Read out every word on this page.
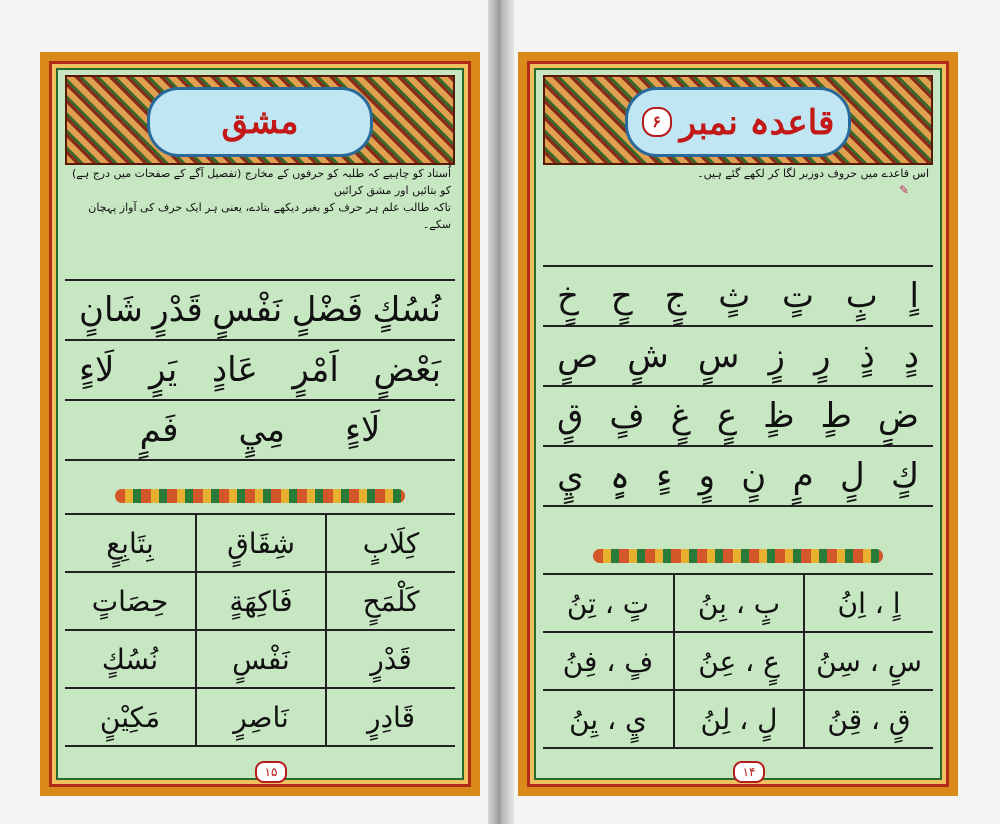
مشق
اُستاد کو چاہیے کہ طلبہ کو حرفوں کے مخارج (تفصیل آگے کے صفحات میں درج ہے) کو بتائیں اور مشق کرائیں
تاکہ طالب علم ہر حرف کو بغیر دیکھے بتادے، یعنی ہر ایک حرف کی آواز پہچان سکے۔
نُسُكٍ
فَضْلٍ
نَفْسٍ
قَدْرٍ
شَانٍ
بَعْضٍ
اَمْرٍ
عَادٍ
يَرٍ
لَاءٍ
لَاءٍ
مِيٍ
فَمٍ
كِلَابٍ
شِقَاقٍ
بِتَابِعٍ
كَلْمَحٍ
فَاكِهَةٍ
حِصَاتٍ
قَدْرٍ
نَفْسٍ
نُسُكٍ
قَادِرٍ
نَاصِرٍ
مَكِيْنٍ
۱۵
قاعدہ نمبر
۶
اس قاعدے میں حروف دوزبر لگا کر لکھے گئے ہیں۔
✎
اٍ
بٍ
تٍ
ثٍ
جٍ
حٍ
خٍ
دٍ
ذٍ
رٍ
زٍ
سٍ
شٍ
صٍ
ضٍ
طٍ
ظٍ
عٍ
غٍ
فٍ
قٍ
كٍ
لٍ
مٍ
نٍ
وٍ
ءٍ
ہٍ
يٍ
اٍ ، اِنُ
بٍ ، بِنُ
تٍ ، تِنُ
سٍ ، سِنُ
عٍ ، عِنُ
فٍ ، فِنُ
قٍ ، قِنُ
لٍ ، لِنُ
يٍ ، يِنُ
۱۴
